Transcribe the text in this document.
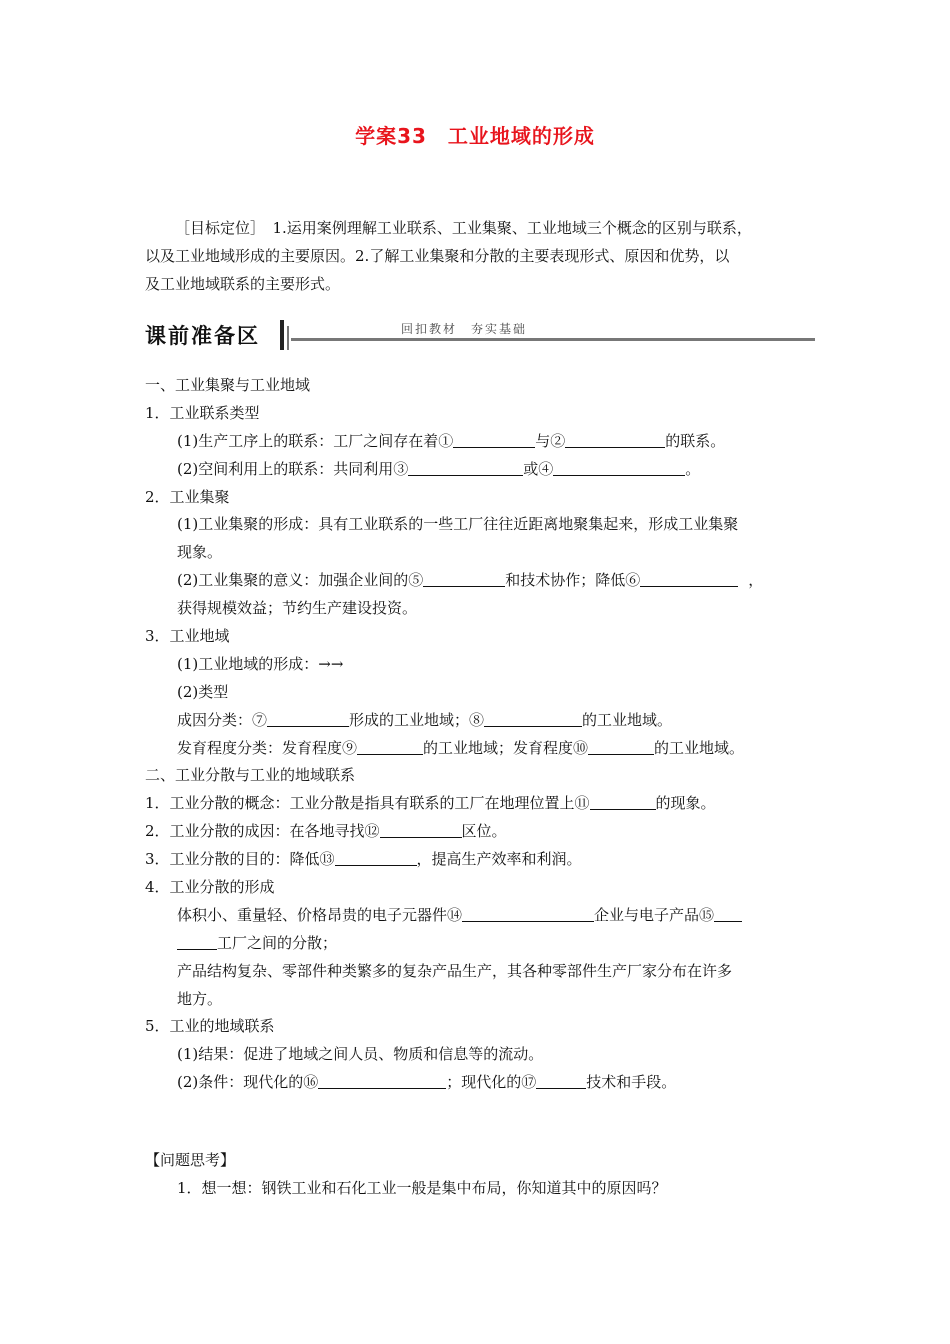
学案33　工业地域的形成

［目标定位］　1.运用案例理解工业联系、工业集聚、工业地域三个概念的区别与联系，

以及工业地域形成的主要原因。2.了解工业集聚和分散的主要表现形式、原因和优势，以

及工业地域联系的主要形式。

课前准备区	回扣教材　夯实基础
一、工业集聚与工业地域
1．工业联系类型
(1)生产工序上的联系：工厂之间存在着①	与②	的联系。
(2)空间利用上的联系：共同利用③	或④	。
2．工业集聚
(1)工业集聚的形成：具有工业联系的一些工厂往往近距离地聚集起来，形成工业集聚
现象。
(2)工业集聚的意义：加强企业间的⑤	和技术协作；降低⑥	，
获得规模效益；节约生产建设投资。
3．工业地域
(1)工业地域的形成：→→
(2)类型
成因分类：⑦	形成的工业地域；⑧	的工业地域。
发育程度分类：发育程度⑨	的工业地域；发育程度⑩	的工业地域。
二、工业分散与工业的地域联系
1．工业分散的概念：工业分散是指具有联系的工厂在地理位置上⑪	的现象。
2．工业分散的成因：在各地寻找⑫	区位。
3．工业分散的目的：降低⑬	，提高生产效率和利润。
4．工业分散的形成
体积小、重量轻、价格昂贵的电子元器件⑭	企业与电子产品⑮
工厂之间的分散；
产品结构复杂、零部件种类繁多的复杂产品生产，其各种零部件生产厂家分布在许多
地方。
5．工业的地域联系
(1)结果：促进了地域之间人员、物质和信息等的流动。
(2)条件：现代化的⑯	；现代化的⑰	技术和手段。
【问题思考】
1．想一想：钢铁工业和石化工业一般是集中布局，你知道其中的原因吗？
